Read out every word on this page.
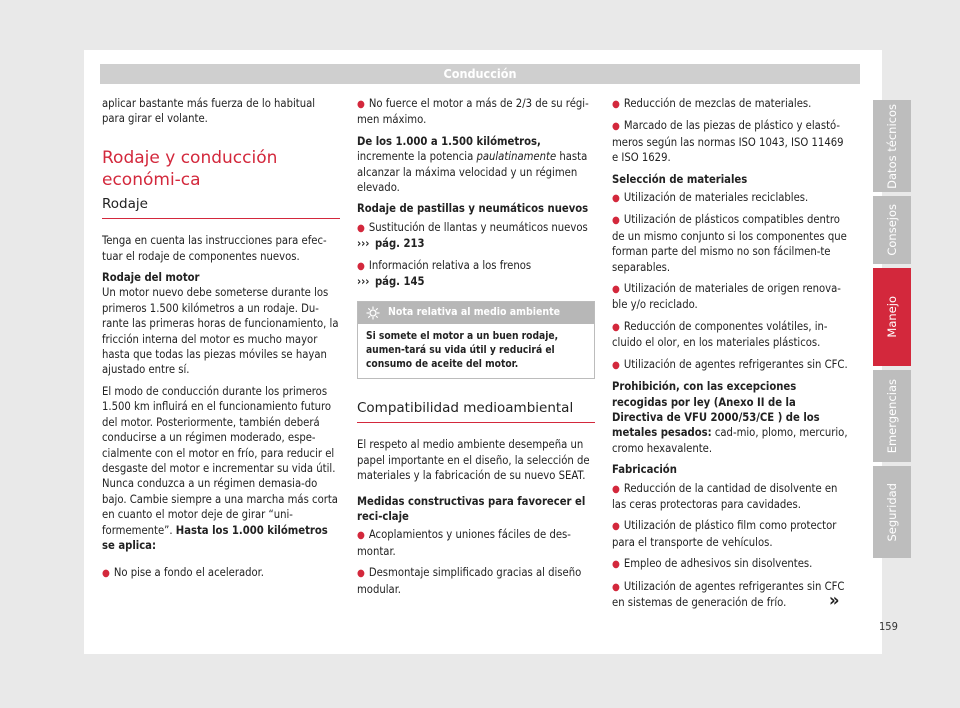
Conducción

aplicar bastante más fuerza de lo habitual para girar el volante.

Rodaje y conducción económi-ca
Rodaje

Tenga en cuenta las instrucciones para efec-tuar el rodaje de componentes nuevos.

Rodaje del motor

Un motor nuevo debe someterse durante los primeros 1.500 kilómetros a un rodaje. Du-rante las primeras horas de funcionamiento, la fricción interna del motor es mucho mayor hasta que todas las piezas móviles se hayan ajustado entre sí.

El modo de conducción durante los primeros 1.500 km influirá en el funcionamiento futuro del motor. Posteriormente, también deberá conducirse a un régimen moderado, espe-cialmente con el motor en frío, para reducir el desgaste del motor e incrementar su vida útil. Nunca conduzca a un régimen demasia-do bajo. Cambie siempre a una marcha más corta en cuanto el motor deje de girar “uni-formemente”. Hasta los 1.000 kilómetros se aplica:

● No pise a fondo el acelerador.

● No fuerce el motor a más de 2/3 de su régi-men máximo.

De los 1.000 a 1.500 kilómetros, incremente la potencia paulatinamente hasta alcanzar la máxima velocidad y un régimen elevado.

Rodaje de pastillas y neumáticos nuevos

● Sustitución de llantas y neumáticos nuevos
››› pág. 213

● Información relativa a los frenos
››› pág. 145

Nota relativa al medio ambiente
Si somete el motor a un buen rodaje, aumen-tará su vida útil y reducirá el consumo de aceite del motor.
Compatibilidad medioambiental

El respeto al medio ambiente desempeña un papel importante en el diseño, la selección de materiales y la fabricación de su nuevo SEAT.

Medidas constructivas para favorecer el reci-claje

● Acoplamientos y uniones fáciles de des-montar.

● Desmontaje simplificado gracias al diseño modular.

● Reducción de mezclas de materiales.

● Marcado de las piezas de plástico y elastó-meros según las normas ISO 1043, ISO 11469 e ISO 1629.

Selección de materiales

● Utilización de materiales reciclables.

● Utilización de plásticos compatibles dentro de un mismo conjunto si los componentes que forman parte del mismo no son fácilmen-te separables.

● Utilización de materiales de origen renova-ble y/o reciclado.

● Reducción de componentes volátiles, in-cluido el olor, en los materiales plásticos.

● Utilización de agentes refrigerantes sin CFC.

Prohibición, con las excepciones recogidas por ley (Anexo II de la Directiva de VFU 2000/53/CE ) de los metales pesados: cad-mio, plomo, mercurio, cromo hexavalente.

Fabricación

● Reducción de la cantidad de disolvente en las ceras protectoras para cavidades.

● Utilización de plástico film como protector para el transporte de vehículos.

● Empleo de adhesivos sin disolventes.

● Utilización de agentes refrigerantes sin CFC en sistemas de generación de frío.	»
Datos técnicos
Consejos
Manejo
Emergencias
Seguridad
159
